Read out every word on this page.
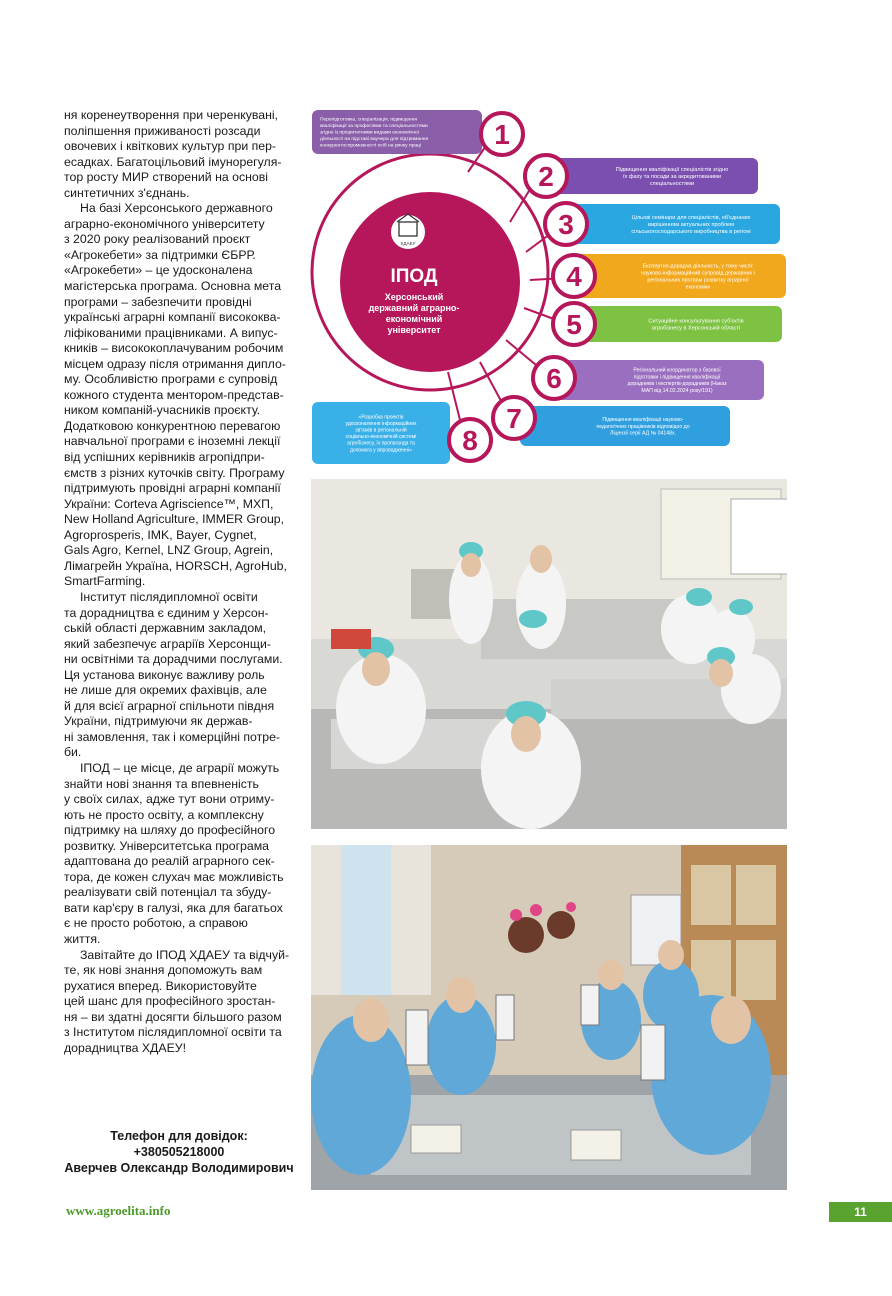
ня коренеутворення при черенкувані,
поліпшення приживаності розсади
овочевих і квіткових культур при пер-
есадках. Багатоцільовий імунорегуля-
тор росту МИР створений на основі
синтетичних з'єднань.

На базі Херсонського державного
аграрно-економічного університету
з 2020 року реалізований проєкт
«Агрокебети» за підтримки ЄБРР.
«Агрокебети» – це удосконалена
магістерська програма. Основна мета
програми – забезпечити провідні
українські аграрні компанії висококва-
ліфікованими працівниками. А випус-
кників – висококоплачуваним робочим
місцем одразу після отримання дипло-
му. Особливістю програми є супровід
кожного студента ментором-представ-
ником компаній-учасників проєкту.
Додатковою конкурентною перевагою
навчальної програми є іноземні лекції
від успішних керівників агропідпри-
ємств з різних куточків світу. Програму
підтримують провідні аграрні компанії
України: Corteva Agriscience™, МХП,
New Holland Agriculture, IMMER Group,
Agroprosperis, IMK, Bayer, Cygnet,
Gals Agro, Kernel, LNZ Group, Agrein,
Лімагрейн Україна, HORSCH, AgroHub,
SmartFarming.

Інститут післядипломної освіти
та дорадництва є єдиним у Херсон-
ській області державним закладом,
який забезпечує аграріїв Херсонщи-
ни освітніми та дорадчими послугами.
Ця установа виконує важливу роль
не лише для окремих фахівців, але
й для всієї аграрної спільноти півдня
України, підтримуючи як держав-
ні замовлення, так і комерційні потре-
би.

ІПОД – це місце, де аграрії можуть
знайти нові знання та впевненість
у своїх силах, адже тут вони отриму-
ють не просто освіту, а комплексну
підтримку на шляху до професійного
розвитку. Університетська програма
адаптована до реалій аграрного сек-
тора, де кожен слухач має можливість
реалізувати свій потенціал та збуду-
вати кар'єру в галузі, яка для багатьох
є не просто роботою, а справою
життя.

Завітайте до ІПОД ХДАЕУ та відчуй-
те, як нові знання допоможуть вам
рухатися вперед. Використовуйте
цей шанс для професійного зростан-
ня – ви здатні досягти більшого разом
з Інститутом післядипломної освіти та
дорадництва ХДАЕУ!

Телефон для довідок:
+380505218000
Аверчев Олександр Володимирович
ХДАЕУ
ІПОД
Херсонський
державний аграрно-
економічний
університет
Перепідготовка, спеціалізація, підвищення
кваліфікації за професіями та спеціальностями
згідно із пріоритетними видами економічної
діяльності на підставі ваучера для підтримання
конкурентоспроможності осіб на ринку праці	1
Підвищення кваліфікації спеціалістів згідно
їх фаху та посади за акредитованими
спеціальностями
2
Цільові семінари для спеціалістів, об'єднаних
вирішенням актуальних проблем
сільськогосподарського виробництва в регіоні
3
Експертно-дорадча діяльність, у тому числі:
науково-інформаційний супровід державних і
регіональних програм розвитку аграрної
економіки
4
Ситуаційне консультування суб'єктів
агробізнесу в Херсонській області
5
Регіональний координатор з базової
підготовки і підвищення кваліфікації
дорадників і експертів-дорадників (Наказ
МАП від 14.02.2024 року/191)
6
Підвищення кваліфікації науково-
педагогічних працівників відповідно до
Ліцензії серії АД № 04148х.
7
«Розробка проектів
удосконалення інформаційних
зв'язків в регіональній
соціально-економічній системі
агробізнесу, їх пропаганда та
допомога у впровадженні» 8
www.agroelita.info	11
